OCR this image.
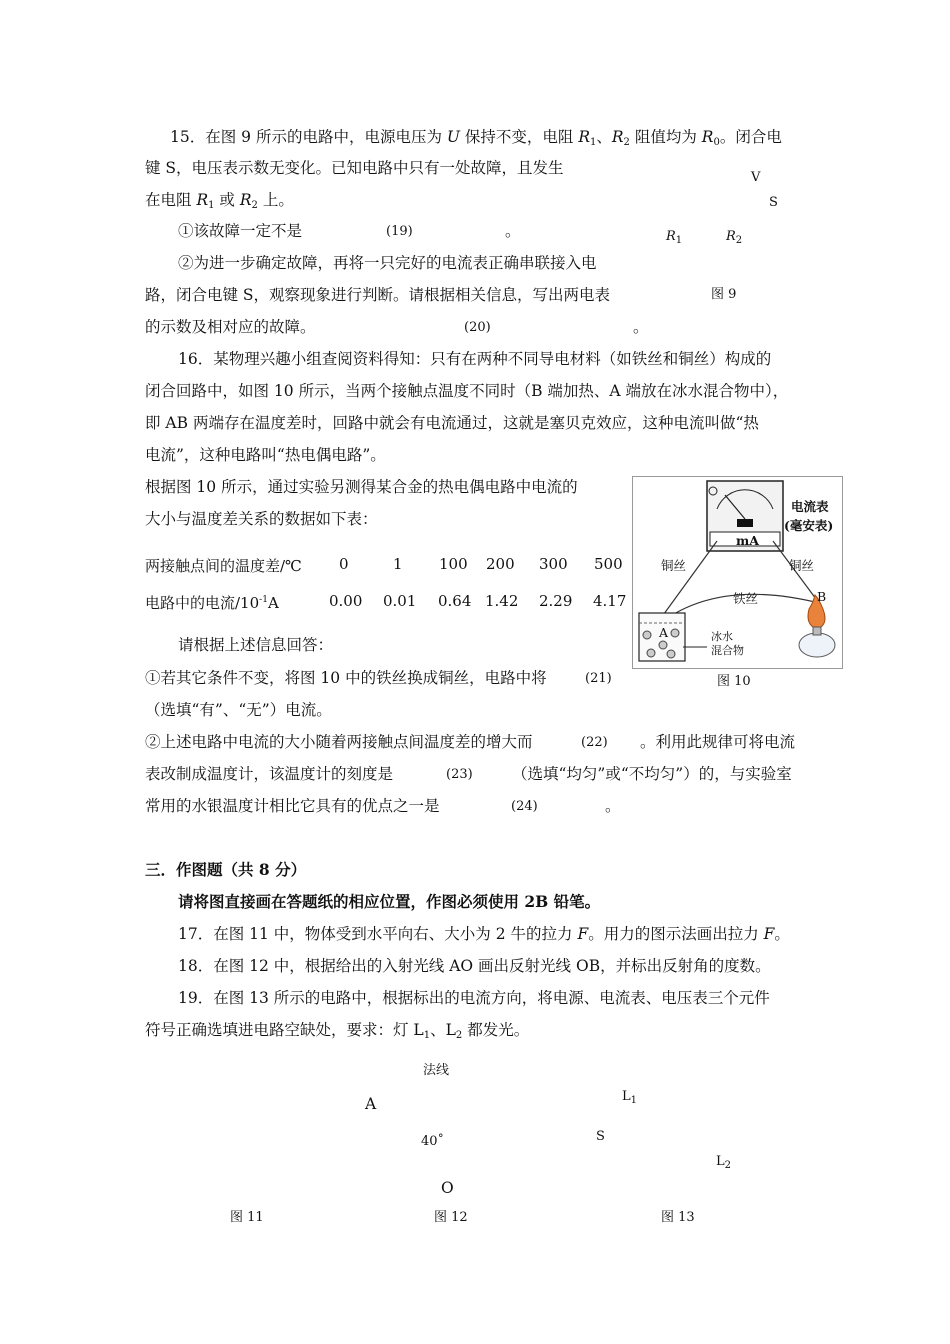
15．在图 9 所示的电路中，电源电压为 U 保持不变，电阻 $R_1$、$R_2$ 阻值均为 $R_0$。闭合电
键 S，电压表示数无变化。已知电路中只有一处故障，且发生
在电阻 $R_1$ 或 $R_2$ 上。
①该故障一定不是	(19)	。
②为进一步确定故障，再将一只完好的电流表正确串联接入电
路，闭合电键 S，观察现象进行判断。请根据相关信息，写出两电表
的示数及相对应的故障。	(20)	。
V
S
$R_1$	$R_2$
图 9
16．某物理兴趣小组查阅资料得知：只有在两种不同导电材料（如铁丝和铜丝）构成的
闭合回路中，如图 10 所示，当两个接触点温度不同时（B 端加热、A 端放在冰水混合物中），
即 AB 两端存在温度差时，回路中就会有电流通过，这就是塞贝克效应，这种电流叫做“热
电流”，这种电路叫“热电偶电路”。
根据图 10 所示，通过实验另测得某合金的热电偶电路中电流的
大小与温度差关系的数据如下表：
两接触点间的温度差/℃ 0	1 100 200 300 500
电路中的电流$/10^{-1}A$	0.00 0.01 0.64 1.42 2.29 4.17
请根据上述信息回答：
①若其它条件不变，将图 10 中的铁丝换成铜丝，电路中将	(21)
（选填“有”、“无”）电流。
②上述电路中电流的大小随着两接触点间温度差的增大而	(22) 。利用此规律可将电流
表改制成温度计，该温度计的刻度是	(23)	（选填“均匀”或“不均匀”）的，与实验室
常用的水银温度计相比它具有的优点之一是	(24)	。
电流表
(毫安表)
mA
铜丝	铜丝
铁丝
A
B
冰水
混合物
图 10
三．作图题（共 8 分）
请将图直接画在答题纸的相应位置，作图必须使用 2B 铅笔。
17．在图 11 中，物体受到水平向右、大小为 2 牛的拉力 F。用力的图示法画出拉力 F。
18．在图 12 中，根据给出的入射光线 AO 画出反射光线 OB，并标出反射角的度数。
19．在图 13 所示的电路中，根据标出的电流方向，将电源、电流表、电压表三个元件
符号正确选填进电路空缺处，要求：灯 $L_1$、$L_2$ 都发光。
法线
A
40˚
O
$L_1$
S
$L_2$
图 11	图 12	图 13
